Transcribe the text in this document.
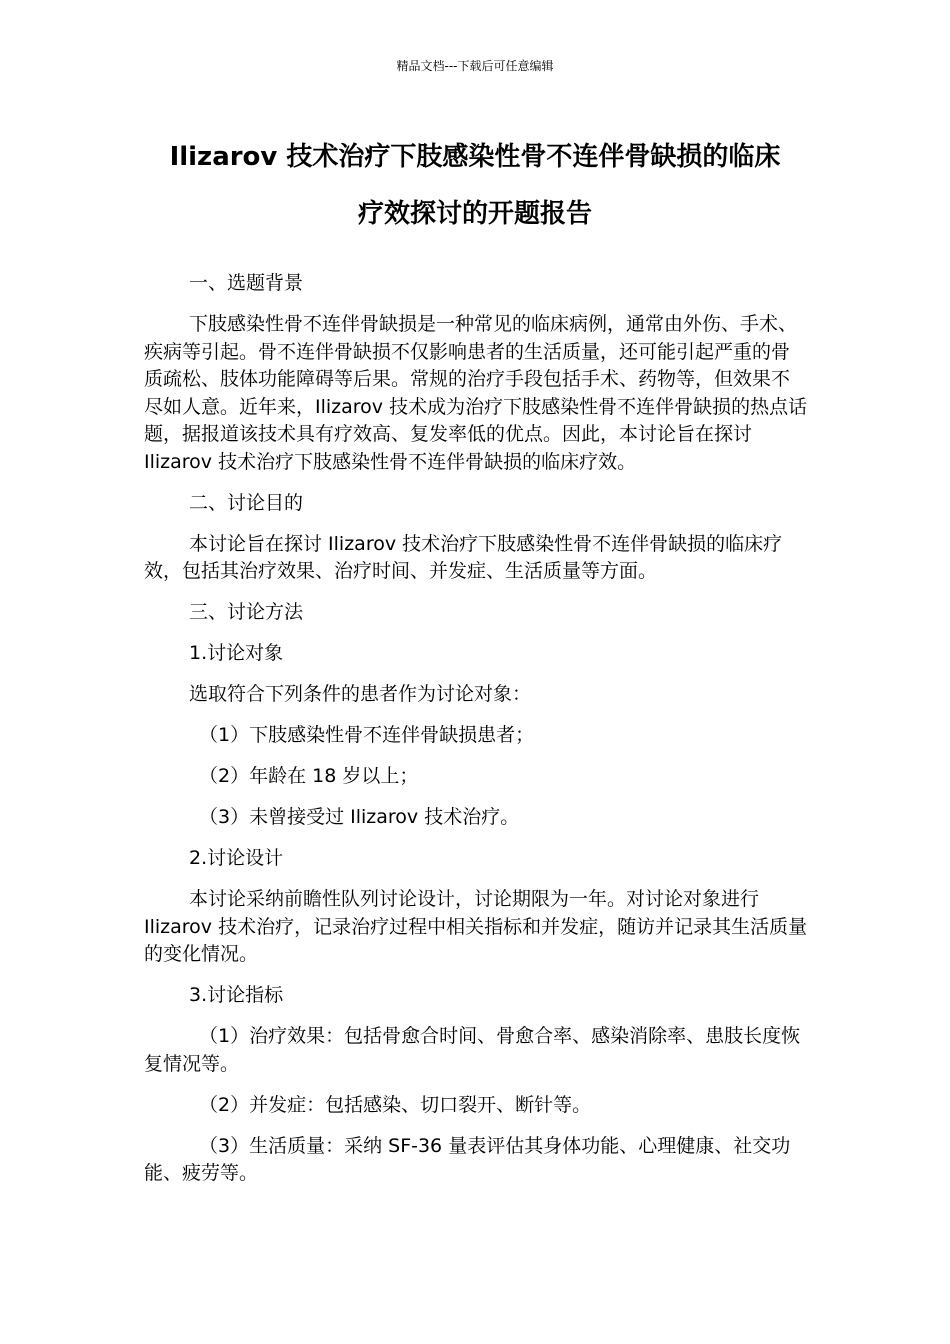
精品文档---下载后可任意编辑
Ilizarov 技术治疗下肢感染性骨不连伴骨缺损的临床
疗效探讨的开题报告

一、选题背景

下肢感染性骨不连伴骨缺损是一种常见的临床病例，通常由外伤、手术、疾病等引起。骨不连伴骨缺损不仅影响患者的生活质量，还可能引起严重的骨质疏松、肢体功能障碍等后果。常规的治疗手段包括手术、药物等，但效果不尽如人意。近年来，Ilizarov 技术成为治疗下肢感染性骨不连伴骨缺损的热点话题，据报道该技术具有疗效高、复发率低的优点。因此，本讨论旨在探讨 Ilizarov 技术治疗下肢感染性骨不连伴骨缺损的临床疗效。

二、讨论目的

本讨论旨在探讨 Ilizarov 技术治疗下肢感染性骨不连伴骨缺损的临床疗效，包括其治疗效果、治疗时间、并发症、生活质量等方面。

三、讨论方法

1.讨论对象

选取符合下列条件的患者作为讨论对象：

（1）下肢感染性骨不连伴骨缺损患者；

（2）年龄在 18 岁以上；

（3）未曾接受过 Ilizarov 技术治疗。

2.讨论设计

本讨论采纳前瞻性队列讨论设计，讨论期限为一年。对讨论对象进行 Ilizarov 技术治疗，记录治疗过程中相关指标和并发症，随访并记录其生活质量的变化情况。

3.讨论指标

（1）治疗效果：包括骨愈合时间、骨愈合率、感染消除率、患肢长度恢复情况等。

（2）并发症：包括感染、切口裂开、断针等。

（3）生活质量：采纳 SF-36 量表评估其身体功能、心理健康、社交功能、疲劳等。
